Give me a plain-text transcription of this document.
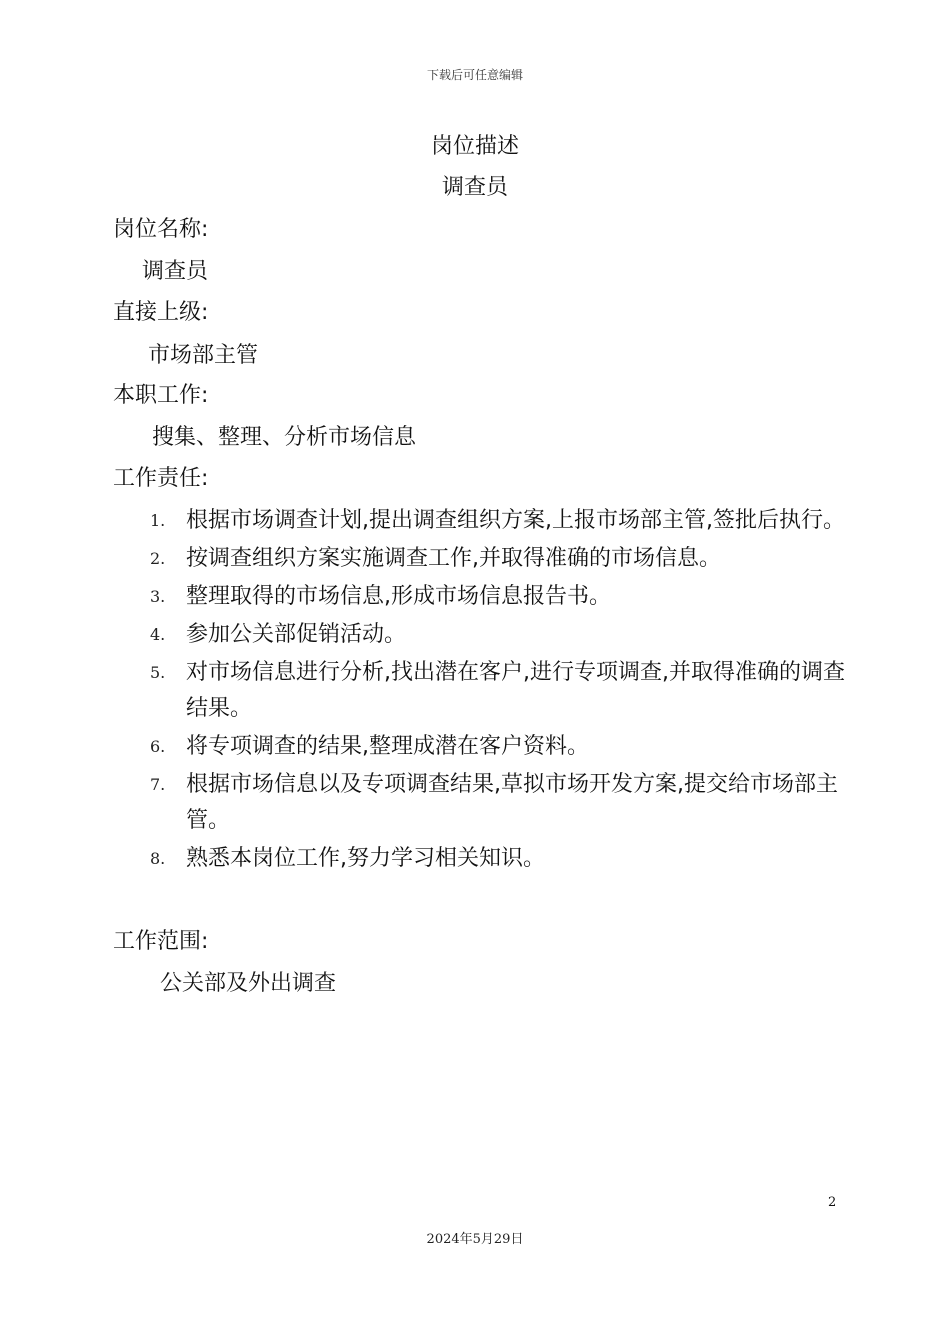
下载后可任意编辑
岗位描述
调查员
岗位名称:
调查员
直接上级:
市场部主管
本职工作:
搜集、整理、分析市场信息
工作责任:
1. 根据市场调查计划,提出调查组织方案,上报市场部主管,签批后执行。
2. 按调查组织方案实施调查工作,并取得准确的市场信息。
3. 整理取得的市场信息,形成市场信息报告书。
4. 参加公关部促销活动。
5. 对市场信息进行分析,找出潜在客户,进行专项调查,并取得准确的调查结果。
6. 将专项调查的结果,整理成潜在客户资料。
7. 根据市场信息以及专项调查结果,草拟市场开发方案,提交给市场部主管。
8. 熟悉本岗位工作,努力学习相关知识。
工作范围:
公关部及外出调查
2
2024年5月29日
